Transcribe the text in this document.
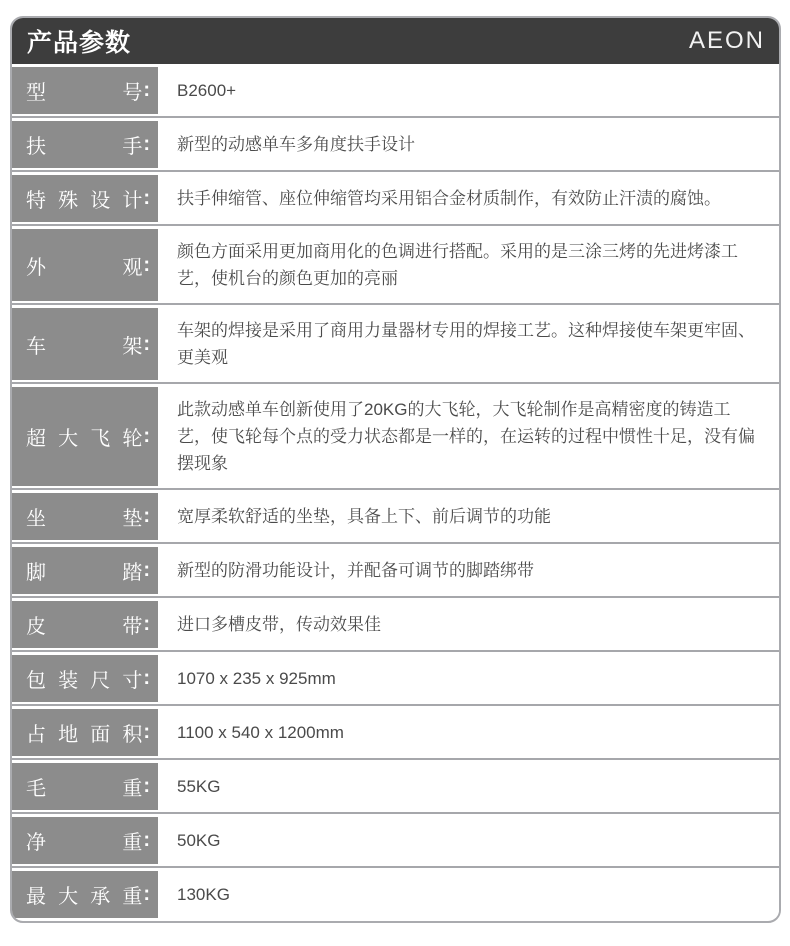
产品参数	AEON
型	号 : B2600+
扶	手 : 新型的动感单车多角度扶手设计
特 殊 设 计 : 扶手伸缩管、座位伸缩管均采用铝合金材质制作，有效防止汗渍的腐蚀。
外	观 :
颜色方面采用更加商用化的色调进行搭配。采用的是三涂三烤的先进烤漆工艺，使机台的颜色更加的亮丽
车	架 :
车架的焊接是采用了商用力量器材专用的焊接工艺。这种焊接使车架更牢固、更美观
超 大 飞 轮 :
此款动感单车创新使用了20KG的大飞轮，大飞轮制作是高精密度的铸造工艺，使飞轮每个点的受力状态都是一样的，在运转的过程中惯性十足，没有偏摆现象
坐	垫 : 宽厚柔软舒适的坐垫，具备上下、前后调节的功能
脚	踏 : 新型的防滑功能设计，并配备可调节的脚踏绑带
皮	带 : 进口多槽皮带，传动效果佳
包 装 尺 寸 : 1070 x 235 x 925mm
占 地 面 积 : 1100 x 540 x 1200mm
毛	重 : 55KG
净	重 : 50KG
最 大 承 重 : 130KG
